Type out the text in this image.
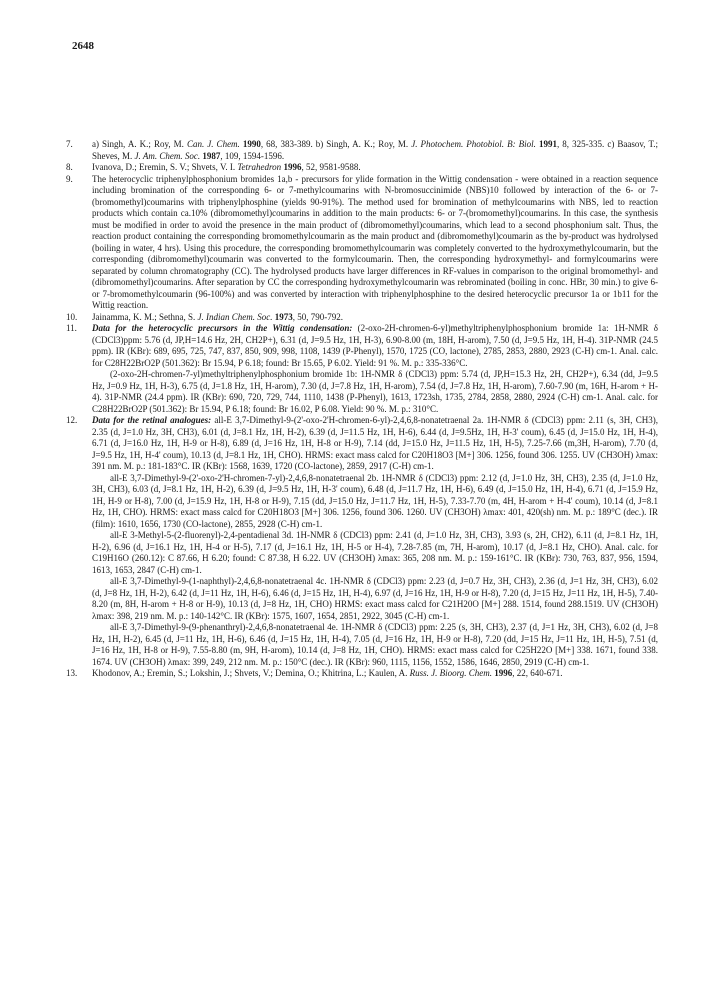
2648

7. a) Singh, A. K.; Roy, M. Can. J. Chem. 1990, 68, 383-389. b) Singh, A. K.; Roy, M. J. Photochem. Photobiol. B: Biol. 1991, 8, 325-335. c) Baasov, T.; Sheves, M. J. Am. Chem. Soc. 1987, 109, 1594-1596.

8. Ivanova, D.; Eremin, S. V.; Shvets, V. I. Tetrahedron 1996, 52, 9581-9588.

9. The heterocyclic triphenylphosphonium bromides 1a,b - precursors for ylide formation in the Wittig condensation - were obtained in a reaction sequence including bromination of the corresponding 6- or 7-methylcoumarins with N-bromosuccinimide (NBS)10 followed by interaction of the 6- or 7-(bromomethyl)coumarins with triphenylphosphine (yields 90-91%). The method used for bromination of methylcoumarins with NBS, led to reaction products which contain ca.10% (dibromomethyl)coumarins in addition to the main products: 6- or 7-(bromomethyl)coumarins. In this case, the synthesis must be modified in order to avoid the presence in the main product of (dibromomethyl)coumarins, which lead to a second phosphonium salt. Thus, the reaction product containing the corresponding bromomethylcoumarin as the main product and (dibromomethyl)coumarin as the by-product was hydrolysed (boiling in water, 4 hrs). Using this procedure, the corresponding bromomethylcoumarin was completely converted to the hydroxymethylcoumarin, but the corresponding (dibromomethyl)coumarin was converted to the formylcoumarin. Then, the corresponding hydroxymethyl- and formylcoumarins were separated by column chromatography (CC). The hydrolysed products have larger differences in RF-values in comparison to the original bromomethyl- and (dibromomethyl)coumarins. After separation by CC the corresponding hydroxymethylcoumarin was rebrominated (boiling in conc. HBr, 30 min.) to give 6- or 7-bromomethylcoumarin (96-100%) and was converted by interaction with triphenylphosphine to the desired heterocyclic precursor 1a or 1b11 for the Wittig reaction.

10. Jainamma, K. M.; Sethna, S. J. Indian Chem. Soc. 1973, 50, 790-792.

11. Data for the heterocyclic precursors in the Wittig condensation: (2-oxo-2H-chromen-6-yl)methyltriphenylphosphonium bromide 1a: 1H-NMR δ (CDCl3)ppm: 5.76 (d, JP,H=14.6 Hz, 2H, CH2P+), 6.31 (d, J=9.5 Hz, 1H, H-3), 6.90-8.00 (m, 18H, H-arom), 7.50 (d, J=9.5 Hz, 1H, H-4). 31P-NMR (24.5 ppm). IR (KBr): 689, 695, 725, 747, 837, 850, 909, 998, 1108, 1439 (P-Phenyl), 1570, 1725 (CO, lactone), 2785, 2853, 2880, 2923 (C-H) cm-1. Anal. calc. for C28H22BrO2P (501.362): Br 15.94, P 6.18; found: Br 15.65, P 6.02. Yield: 91 %. M. p.: 335-336°C.

(2-oxo-2H-chromen-7-yl)methyltriphenylphosphonium bromide 1b: 1H-NMR δ (CDCl3) ppm: 5.74 (d, JP,H=15.3 Hz, 2H, CH2P+), 6.34 (dd, J=9.5 Hz, J=0.9 Hz, 1H, H-3), 6.75 (d, J=1.8 Hz, 1H, H-arom), 7.30 (d, J=7.8 Hz, 1H, H-arom), 7.54 (d, J=7.8 Hz, 1H, H-arom), 7.60-7.90 (m, 16H, H-arom + H-4). 31P-NMR (24.4 ppm). IR (KBr): 690, 720, 729, 744, 1110, 1438 (P-Phenyl), 1613, 1723sh, 1735, 2784, 2858, 2880, 2924 (C-H) cm-1. Anal. calc. for C28H22BrO2P (501.362): Br 15.94, P 6.18; found: Br 16.02, P 6.08. Yield: 90 %. M. p.: 310°C.

12. Data for the retinal analogues: all-E 3,7-Dimethyl-9-(2'-oxo-2'H-chromen-6-yl)-2,4,6,8-nonatetraenal 2a. 1H-NMR δ (CDCl3) ppm: 2.11 (s, 3H, CH3), 2.35 (d, J=1.0 Hz, 3H, CH3), 6.01 (d, J=8.1 Hz, 1H, H-2), 6.39 (d, J=11.5 Hz, 1H, H-6), 6.44 (d, J=9.5Hz, 1H, H-3' coum), 6.45 (d, J=15.0 Hz, 1H, H-4), 6.71 (d, J=16.0 Hz, 1H, H-9 or H-8), 6.89 (d, J=16 Hz, 1H, H-8 or H-9), 7.14 (dd, J=15.0 Hz, J=11.5 Hz, 1H, H-5), 7.25-7.66 (m,3H, H-arom), 7.70 (d, J=9.5 Hz, 1H, H-4' coum), 10.13 (d, J=8.1 Hz, 1H, CHO). HRMS: exact mass calcd for C20H18O3 [M+] 306. 1256, found 306. 1255. UV (CH3OH) λmax: 391 nm. M. p.: 181-183°C. IR (KBr): 1568, 1639, 1720 (CO-lactone), 2859, 2917 (C-H) cm-1.

all-E 3,7-Dimethyl-9-(2'-oxo-2'H-chromen-7-yl)-2,4,6,8-nonatetraenal 2b. 1H-NMR δ (CDCl3) ppm: 2.12 (d, J=1.0 Hz, 3H, CH3), 2.35 (d, J=1.0 Hz, 3H, CH3), 6.03 (d, J=8.1 Hz, 1H, H-2), 6.39 (d, J=9.5 Hz, 1H, H-3' coum), 6.48 (d, J=11.7 Hz, 1H, H-6), 6.49 (d, J=15.0 Hz, 1H, H-4), 6.71 (d, J=15.9 Hz, 1H, H-9 or H-8), 7.00 (d, J=15.9 Hz, 1H, H-8 or H-9), 7.15 (dd, J=15.0 Hz, J=11.7 Hz, 1H, H-5), 7.33-7.70 (m, 4H, H-arom + H-4' coum), 10.14 (d, J=8.1 Hz, 1H, CHO). HRMS: exact mass calcd for C20H18O3 [M+] 306. 1256, found 306. 1260. UV (CH3OH) λmax: 401, 420(sh) nm. M. p.: 189°C (dec.). IR (film): 1610, 1656, 1730 (CO-lactone), 2855, 2928 (C-H) cm-1.

all-E 3-Methyl-5-(2-fluorenyl)-2,4-pentadienal 3d. 1H-NMR δ (CDCl3) ppm: 2.41 (d, J=1.0 Hz, 3H, CH3), 3.93 (s, 2H, CH2), 6.11 (d, J=8.1 Hz, 1H, H-2), 6.96 (d, J=16.1 Hz, 1H, H-4 or H-5), 7.17 (d, J=16.1 Hz, 1H, H-5 or H-4), 7.28-7.85 (m, 7H, H-arom), 10.17 (d, J=8.1 Hz, CHO). Anal. calc. for C19H16O (260.12): C 87.66, H 6.20; found: C 87.38, H 6.22. UV (CH3OH) λmax: 365, 208 nm. M. p.: 159-161°C. IR (KBr): 730, 763, 837, 956, 1594, 1613, 1653, 2847 (C-H) cm-1.

all-E 3,7-Dimethyl-9-(1-naphthyl)-2,4,6,8-nonatetraenal 4c. 1H-NMR δ (CDCl3) ppm: 2.23 (d, J=0.7 Hz, 3H, CH3), 2.36 (d, J=1 Hz, 3H, CH3), 6.02 (d, J=8 Hz, 1H, H-2), 6.42 (d, J=11 Hz, 1H, H-6), 6.46 (d, J=15 Hz, 1H, H-4), 6.97 (d, J=16 Hz, 1H, H-9 or H-8), 7.20 (d, J=15 Hz, J=11 Hz, 1H, H-5), 7.40-8.20 (m, 8H, H-arom + H-8 or H-9), 10.13 (d, J=8 Hz, 1H, CHO) HRMS: exact mass calcd for C21H20O [M+] 288. 1514, found 288.1519. UV (CH3OH) λmax: 398, 219 nm. M. p.: 140-142°C. IR (KBr): 1575, 1607, 1654, 2851, 2922, 3045 (C-H) cm-1.

all-E 3,7-Dimethyl-9-(9-phenanthryl)-2,4,6,8-nonatetraenal 4e. 1H-NMR δ (CDCl3) ppm: 2.25 (s, 3H, CH3), 2.37 (d, J=1 Hz, 3H, CH3), 6.02 (d, J=8 Hz, 1H, H-2), 6.45 (d, J=11 Hz, 1H, H-6), 6.46 (d, J=15 Hz, 1H, H-4), 7.05 (d, J=16 Hz, 1H, H-9 or H-8), 7.20 (dd, J=15 Hz, J=11 Hz, 1H, H-5), 7.51 (d, J=16 Hz, 1H, H-8 or H-9), 7.55-8.80 (m, 9H, H-arom), 10.14 (d, J=8 Hz, 1H, CHO). HRMS: exact mass calcd for C25H22O [M+] 338. 1671, found 338. 1674. UV (CH3OH) λmax: 399, 249, 212 nm. M. p.: 150°C (dec.). IR (KBr): 960, 1115, 1156, 1552, 1586, 1646, 2850, 2919 (C-H) cm-1.

13. Khodonov, A.; Eremin, S.; Lokshin, J.; Shvets, V.; Demina, O.; Khitrina, L.; Kaulen, A. Russ. J. Bioorg. Chem. 1996, 22, 640-671.
